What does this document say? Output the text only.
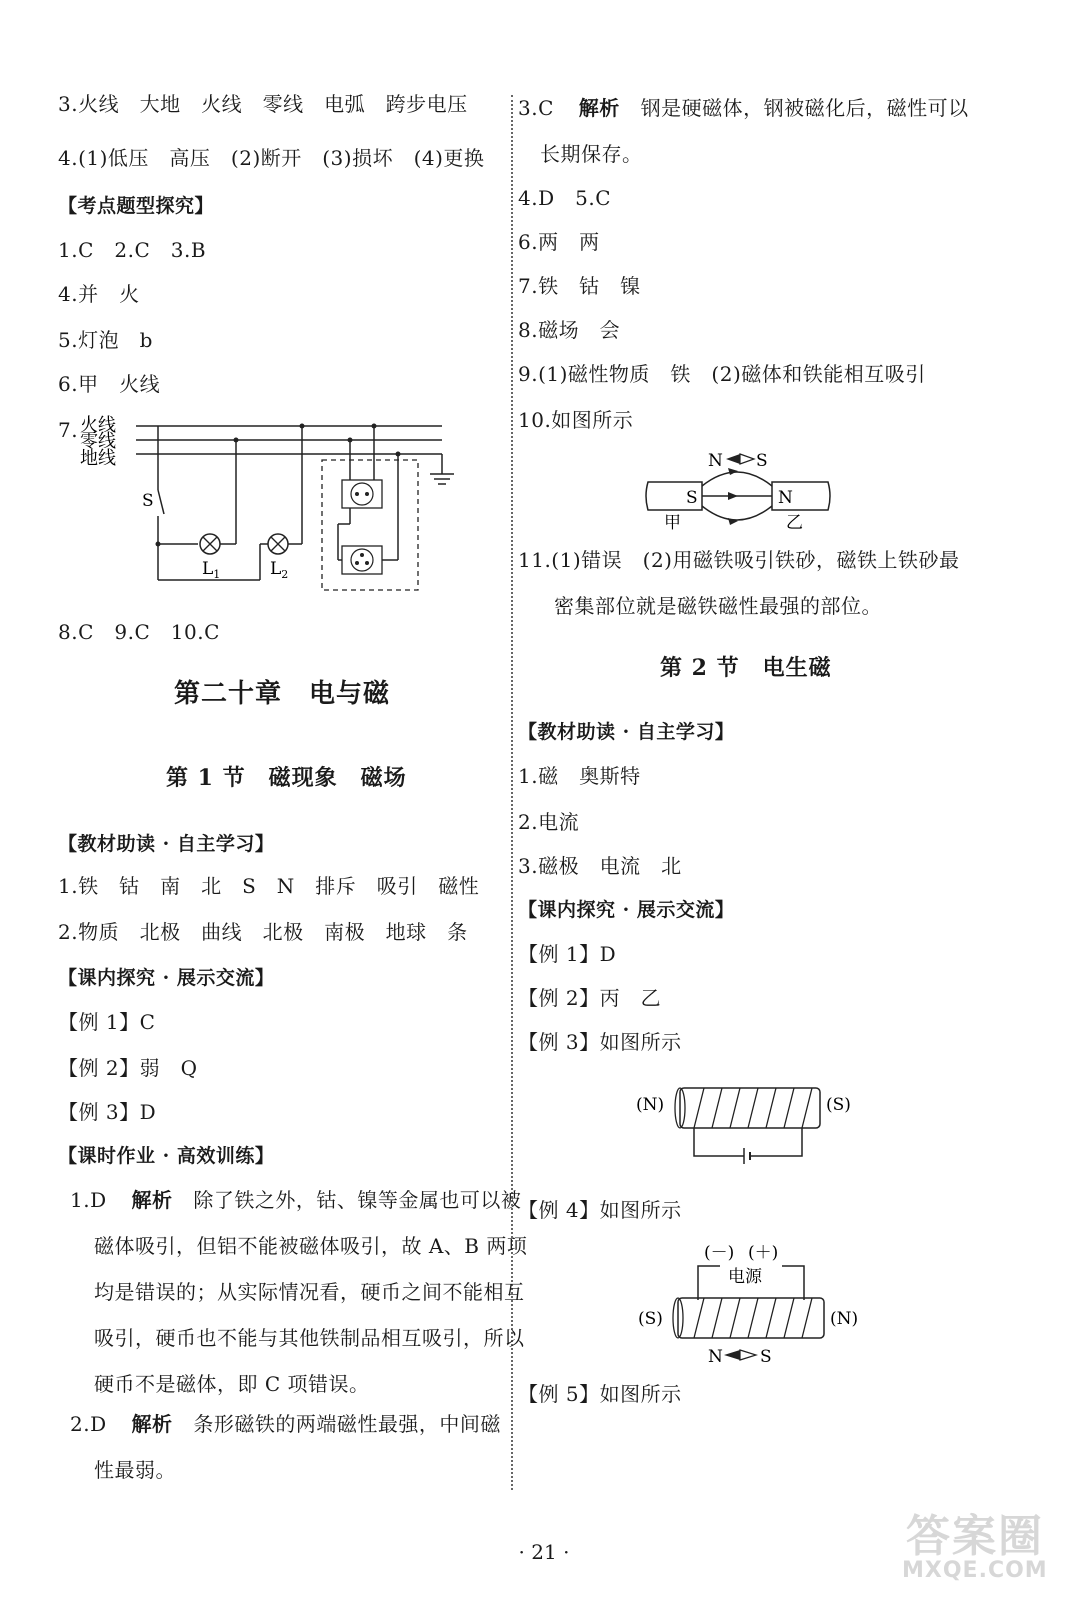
3.火线　大地　火线　零线　电弧　跨步电压
4.(1)低压　高压　(2)断开　(3)损坏　(4)更换
【考点题型探究】
1.C　2.C　3.B
4.并　火
5.灯泡　b
6.甲　火线
7. 火线
零线
地线
S
$L_1$	$L_2$
8.C　9.C　10.C
第二十章　电与磁
第 1 节　磁现象　磁场
【教材助读 · 自主学习】
1.铁　钴　南　北　S　N　排斥　吸引　磁性
2.物质　北极　曲线　北极　南极　地球　条
【课内探究 · 展示交流】
【例 1】C
【例 2】弱　Q
【例 3】D
【课时作业 · 高效训练】
1.D 解析 除了铁之外，钴、镍等金属也可以被
磁体吸引，但铝不能被磁体吸引，故 A、B 两项
均是错误的；从实际情况看，硬币之间不能相互
吸引，硬币也不能与其他铁制品相互吸引，所以
硬币不是磁体，即 C 项错误。
2.D 解析 条形磁铁的两端磁性最强，中间磁
性最弱。
3.C 解析 钢是硬磁体，钢被磁化后，磁性可以
长期保存。
4.D　5.C
6.两　两
7.铁　钴　镍
8.磁场　会
9.(1)磁性物质　铁　(2)磁体和铁能相互吸引
10.如图所示
N S
S	N
甲	乙
11.(1)错误　(2)用磁铁吸引铁砂，磁铁上铁砂最
密集部位就是磁铁磁性最强的部位。
第 2 节　电生磁
【教材助读 · 自主学习】
1.磁　奥斯特
2.电流
3.磁极　电流　北
【课内探究 · 展示交流】
【例 1】D
【例 2】丙　乙
【例 3】如图所示
(N)	(S)
【例 4】如图所示
(－) (＋)
电源
(S)	(N)
N S
【例 5】如图所示
· 21 ·	答案圈
MXQE.COM
